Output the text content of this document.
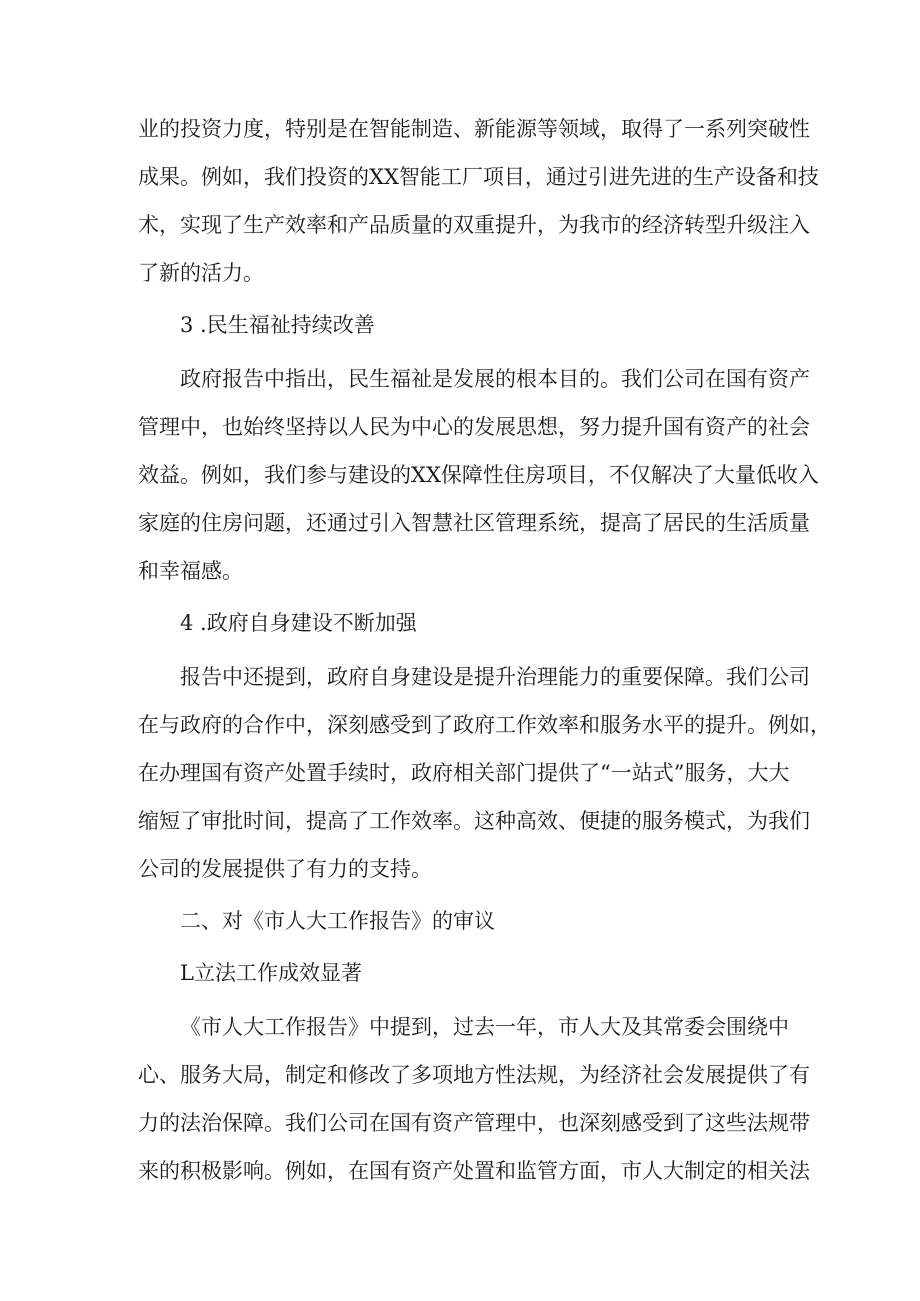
业的投资力度，特别是在智能制造、新能源等领域，取得了一系列突破性
成果。例如，我们投资的XX智能工厂项目，通过引进先进的生产设备和技
术，实现了生产效率和产品质量的双重提升，为我市的经济转型升级注入
了新的活力。
3 .民生福祉持续改善
政府报告中指出，民生福祉是发展的根本目的。我们公司在国有资产
管理中，也始终坚持以人民为中心的发展思想，努力提升国有资产的社会
效益。例如，我们参与建设的XX保障性住房项目，不仅解决了大量低收入
家庭的住房问题，还通过引入智慧社区管理系统，提高了居民的生活质量
和幸福感。
4 .政府自身建设不断加强
报告中还提到，政府自身建设是提升治理能力的重要保障。我们公司
在与政府的合作中，深刻感受到了政府工作效率和服务水平的提升。例如，
在办理国有资产处置手续时，政府相关部门提供了“一站式”服务，大大
缩短了审批时间，提高了工作效率。这种高效、便捷的服务模式，为我们
公司的发展提供了有力的支持。
二、对《市人大工作报告》的审议
L立法工作成效显著
《市人大工作报告》中提到，过去一年，市人大及其常委会围绕中
心、服务大局，制定和修改了多项地方性法规，为经济社会发展提供了有
力的法治保障。我们公司在国有资产管理中，也深刻感受到了这些法规带
来的积极影响。例如，在国有资产处置和监管方面，市人大制定的相关法
